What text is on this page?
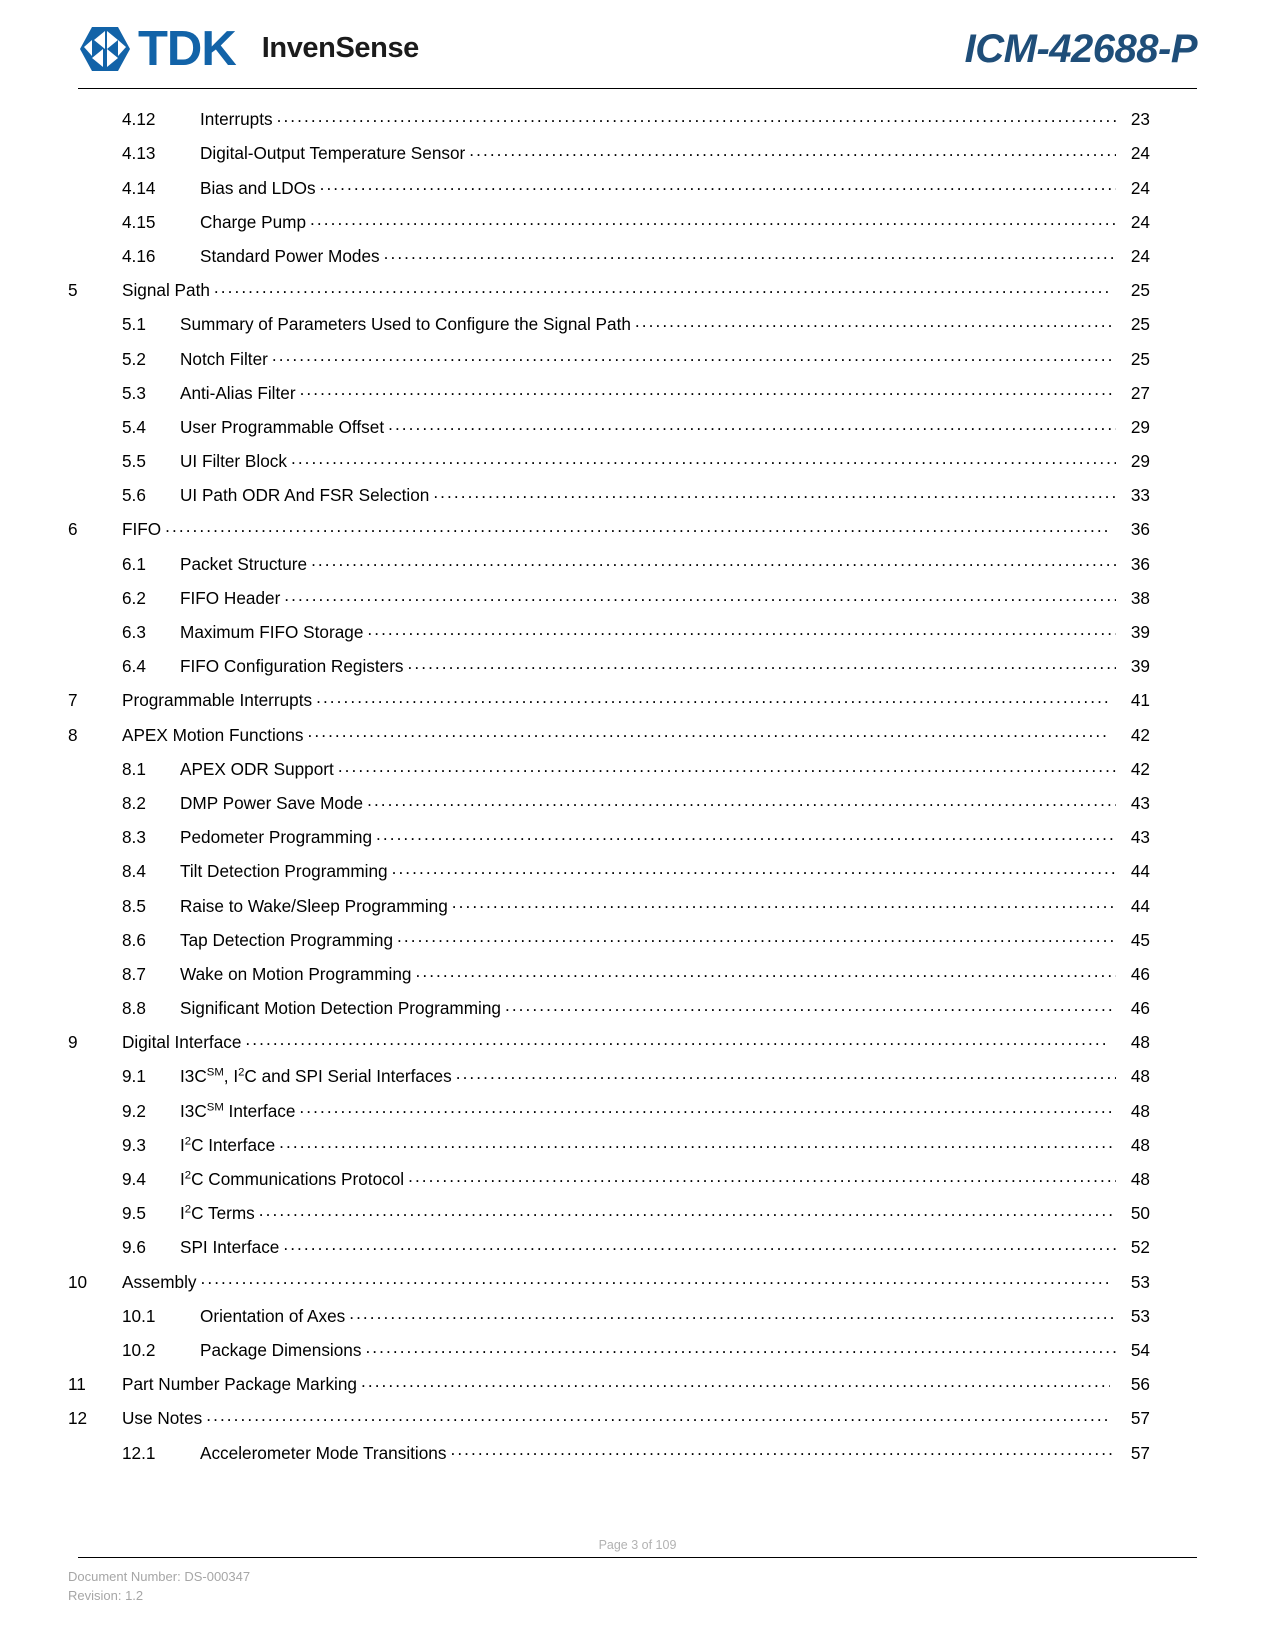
TDK InvenSense	ICM-42688-P
4.12	Interrupts . . .	23
4.13	Digital-Output Temperature Sensor . . .	24
4.14	Bias and LDOs . . .	24
4.15	Charge Pump . . .	24
4.16	Standard Power Modes . . .	24
5	Signal Path . . .	25
5.1	Summary of Parameters Used to Configure the Signal Path . . .	25
5.2	Notch Filter . . .	25
5.3	Anti-Alias Filter . . .	27
5.4	User Programmable Offset . . .	29
5.5	UI Filter Block . . .	29
5.6	UI Path ODR And FSR Selection . . .	33
6	FIFO . . .	36
6.1	Packet Structure . . .	36
6.2	FIFO Header . . .	38
6.3	Maximum FIFO Storage . . .	39
6.4	FIFO Configuration Registers . . .	39
7	Programmable Interrupts . . .	41
8	APEX Motion Functions . . .	42
8.1	APEX ODR Support . . .	42
8.2	DMP Power Save Mode . . .	43
8.3	Pedometer Programming . . .	43
8.4	Tilt Detection Programming . . .	44
8.5	Raise to Wake/Sleep Programming . . .	44
8.6	Tap Detection Programming . . .	45
8.7	Wake on Motion Programming . . .	46
8.8	Significant Motion Detection Programming . . .	46
9	Digital Interface . . .	48
9.1	I3C℠, $I^2C$ and SPI Serial Interfaces . . .	48
9.2	I3C℠ Interface . . .	48
9.3	$I^2C$ Interface . . .	48
9.4	$I^2C$ Communications Protocol . . .	48
9.5	$I^2C$ Terms . . .	50
9.6	SPI Interface . . .	52
10	Assembly . . .	53
10.1	Orientation of Axes . . .	53
10.2	Package Dimensions . . .	54
11	Part Number Package Marking . . .	56
12	Use Notes . . .	57
12.1	Accelerometer Mode Transitions . . .	57
Page 3 of 109
Document Number: DS-000347
Revision: 1.2
